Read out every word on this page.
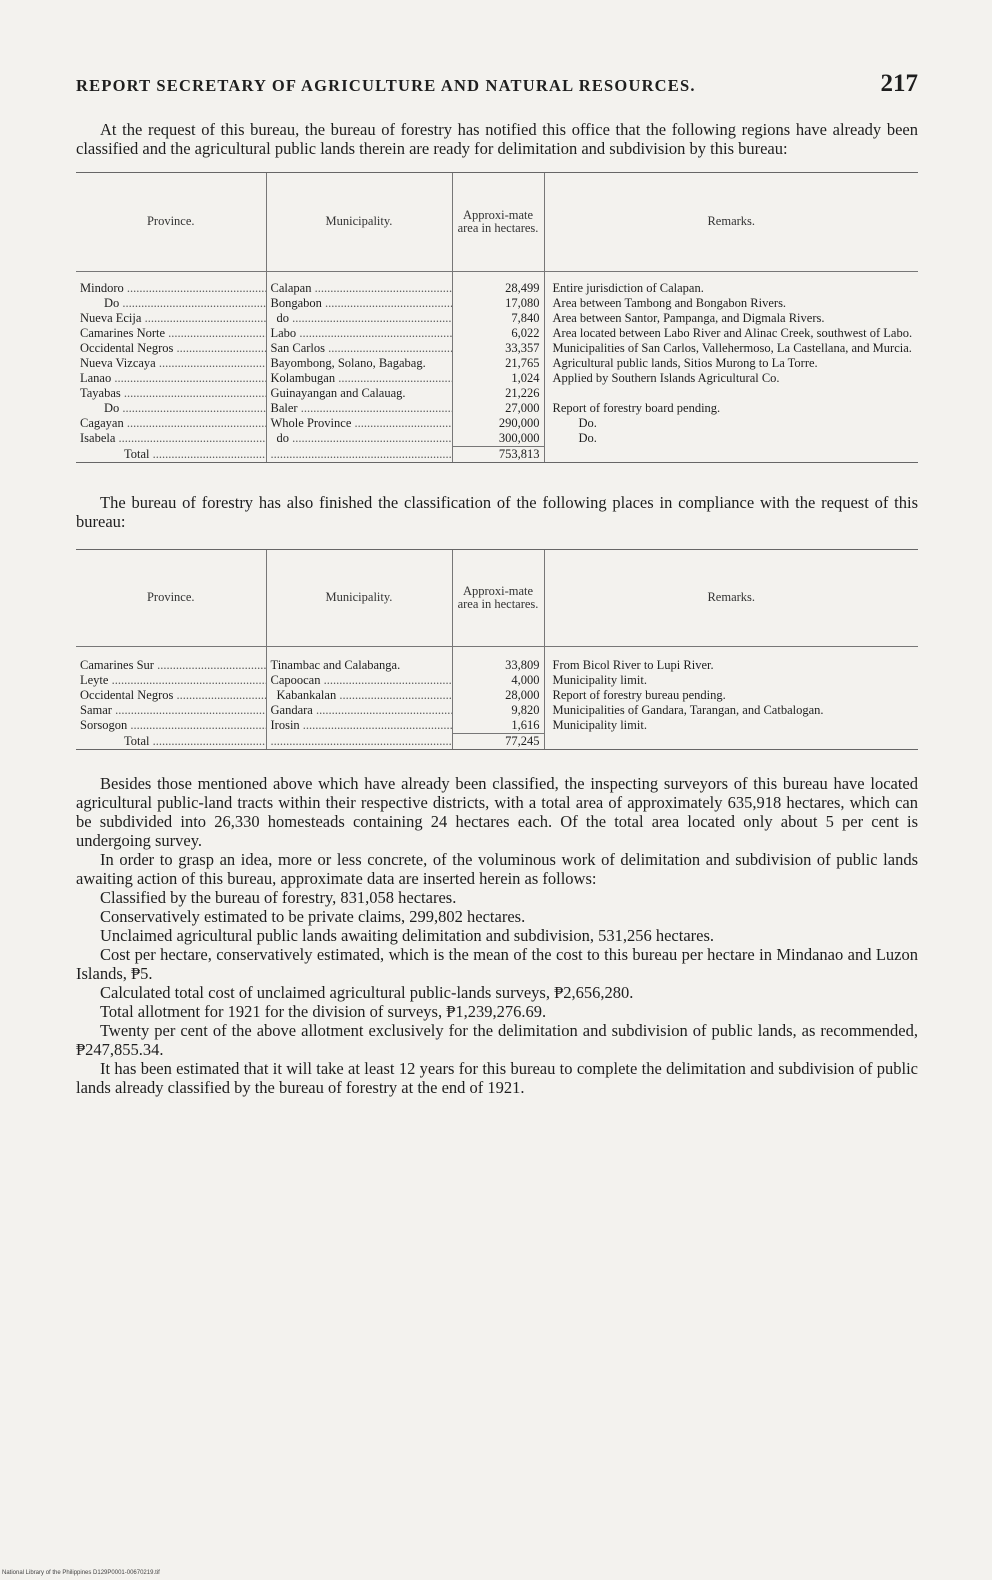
REPORT SECRETARY OF AGRICULTURE AND NATURAL RESOURCES.	217

At the request of this bureau, the bureau of forestry has notified this office that the following regions have already been classified and the agricultural public lands therein are ready for delimitation and subdivision by this bureau:

Province.	Municipality.	Approxi-mate area in hectares.	Remarks.

Mindoro .....	Calapan .....	28,499	Entire jurisdiction of Calapan.
Do .....	Bongabon .....	17,080	Area between Tambong and Bongabon Rivers.
Nueva Ecija .....	do .....	7,840	Area between Santor, Pampanga, and Digmala Rivers.
Camarines Norte .....	Labo .....	6,022	Area located between Labo River and Alinac Creek, southwest of Labo.
Occidental Negros .....	San Carlos .....	33,357	Municipalities of San Carlos, Vallehermoso, La Castellana, and Murcia.
Nueva Vizcaya .....	Bayombong, Solano, Bagabag.	21,765	Agricultural public lands, Sitios Murong to La Torre.
Lanao .....	Kolambugan .....	1,024	Applied by Southern Islands Agricultural Co.
Tayabas .....	Guinayangan and Calauag.	21,226	
Do .....	Baler .....	27,000	Report of forestry board pending.
Cagayan .....	Whole Province .....	290,000	Do.
Isabela .....	do .....	300,000	Do.
Total .....	.....	753,813	

The bureau of forestry has also finished the classification of the following places in compliance with the request of this bureau:

Province.	Municipality.	Approxi-mate area in hectares.	Remarks.

Camarines Sur .....	Tinambac and Calabanga.	33,809	From Bicol River to Lupi River.
Leyte .....	Capoocan .....	4,000	Municipality limit.
Occidental Negros .....	Kabankalan .....	28,000	Report of forestry bureau pending.
Samar .....	Gandara .....	9,820	Municipalities of Gandara, Tarangan, and Catbalogan.
Sorsogon .....	Irosin .....	1,616	Municipality limit.
Total .....	.....	77,245	

Besides those mentioned above which have already been classified, the inspecting surveyors of this bureau have located agricultural public-land tracts within their respective districts, with a total area of approximately 635,918 hectares, which can be subdivided into 26,330 homesteads containing 24 hectares each. Of the total area located only about 5 per cent is undergoing survey.

In order to grasp an idea, more or less concrete, of the voluminous work of delimitation and subdivision of public lands awaiting action of this bureau, approximate data are inserted herein as follows:

Classified by the bureau of forestry, 831,058 hectares.

Conservatively estimated to be private claims, 299,802 hectares.

Unclaimed agricultural public lands awaiting delimitation and subdivision, 531,256 hectares.

Cost per hectare, conservatively estimated, which is the mean of the cost to this bureau per hectare in Mindanao and Luzon Islands, ₱5.

Calculated total cost of unclaimed agricultural public-lands surveys, ₱2,656,280.

Total allotment for 1921 for the division of surveys, ₱1,239,276.69.

Twenty per cent of the above allotment exclusively for the delimitation and subdivision of public lands, as recommended, ₱247,855.34.

It has been estimated that it will take at least 12 years for this bureau to complete the delimitation and subdivision of public lands already classified by the bureau of forestry at the end of 1921.

National Library of the Philippines D129P0001-00670219.tif
